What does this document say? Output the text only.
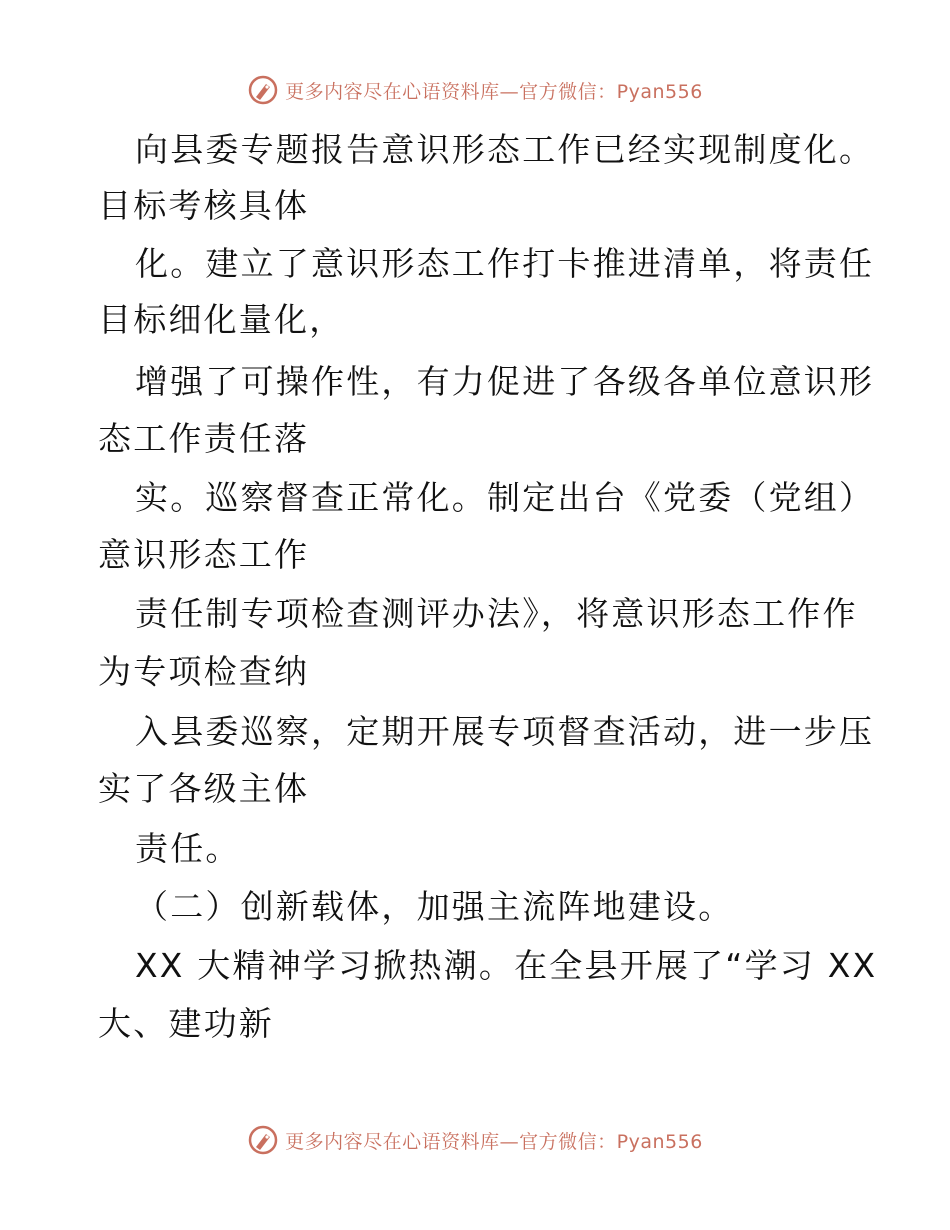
更多内容尽在心语资料库—官方微信：Pyan556
向县委专题报告意识形态工作已经实现制度化。
目标考核具体
化。建立了意识形态工作打卡推进清单，将责任
目标细化量化，
增强了可操作性，有力促进了各级各单位意识形
态工作责任落
实。巡察督查正常化。制定出台《党委（党组）
意识形态工作
责任制专项检查测评办法》，将意识形态工作作
为专项检查纳
入县委巡察，定期开展专项督查活动，进一步压
实了各级主体
责任。
（二）创新载体，加强主流阵地建设。
XX 大精神学习掀热潮。在全县开展了“学习 XX
大、建功新
更多内容尽在心语资料库—官方微信：Pyan556
